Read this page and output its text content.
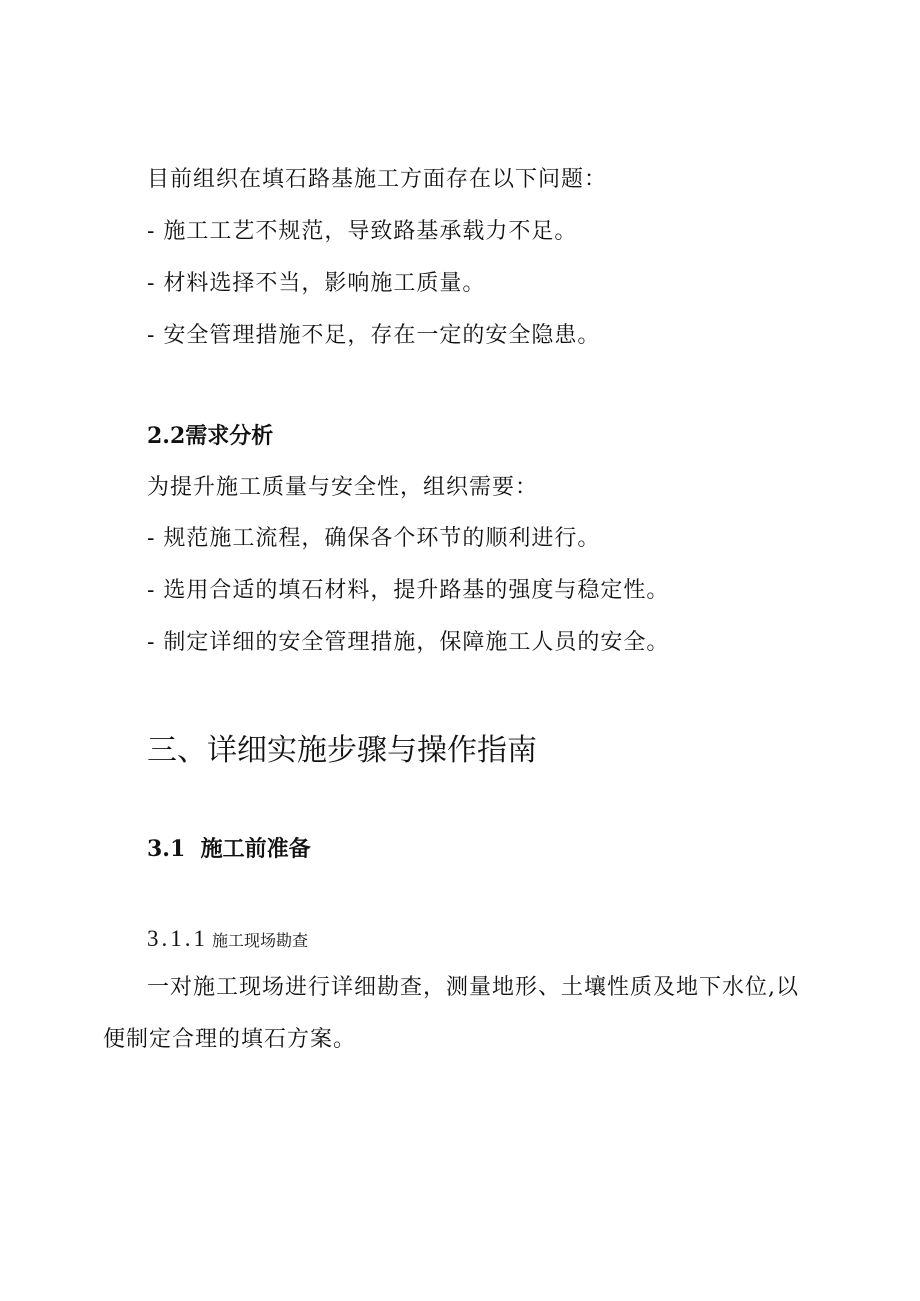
目前组织在填石路基施工方面存在以下问题：
- 施工工艺不规范，导致路基承载力不足。
- 材料选择不当，影响施工质量。
- 安全管理措施不足，存在一定的安全隐患。
2.2需求分析
为提升施工质量与安全性，组织需要：
- 规范施工流程，确保各个环节的顺利进行。
- 选用合适的填石材料，提升路基的强度与稳定性。
- 制定详细的安全管理措施，保障施工人员的安全。
三、详细实施步骤与操作指南
3.1  施工前准备
3.1.1 施工现场勘查

一对施工现场进行详细勘查，测量地形、土壤性质及地下水位,以便制定合理的填石方案。
